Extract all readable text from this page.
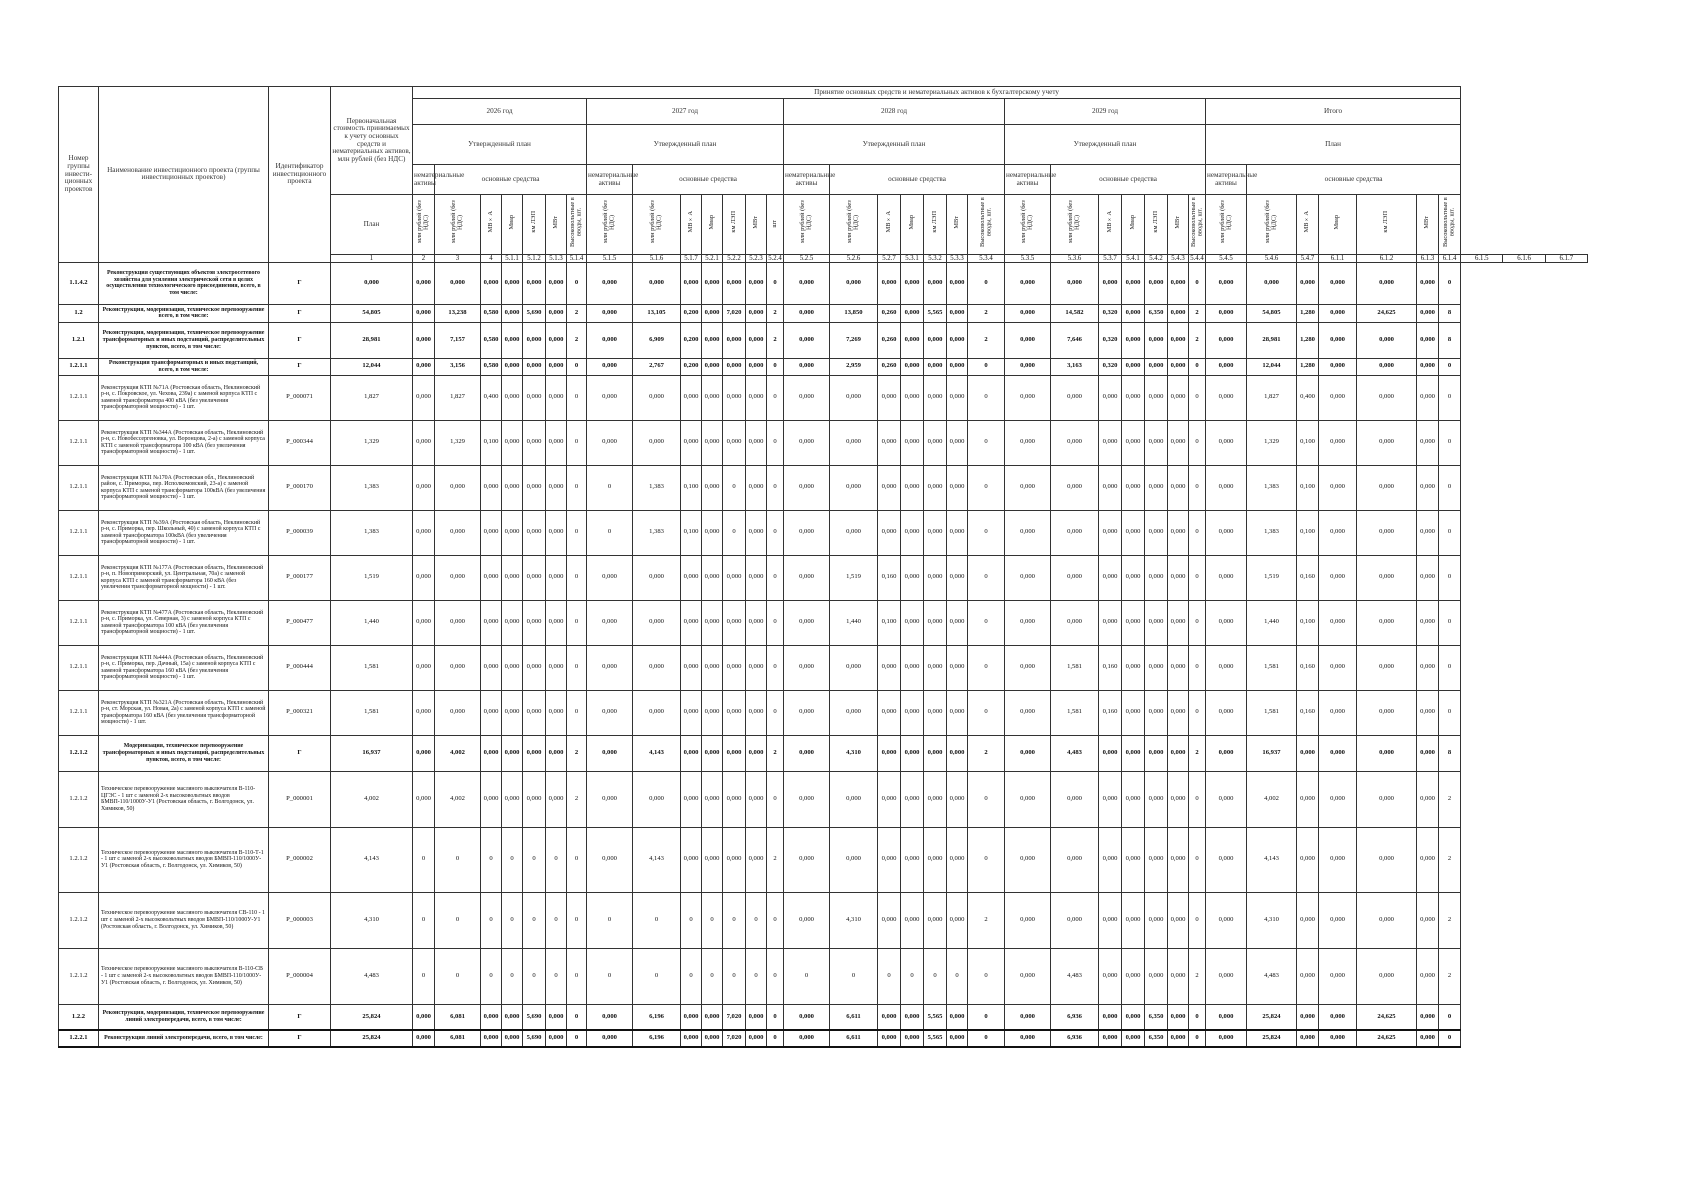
Номер группы инвести-ционных проектов	Наименование инвестиционного проекта (группы инвестиционных проектов)	Идентификатор инвестиционного проекта	Первоначальная стоимость принимаемых к учету основных средств и нематериальных активов, млн рублей (без НДС)	Принятие основных средств и нематериальных активов к бухгалтерскому учету																																					
				2026 год							2027 год							2028 год							2029 год							Итого									
				Утвержденный план							Утвержденный план							Утвержденный план							Утвержденный план							План									
				нематериальные активы	основные средства						нематериальные активы	основные средства						нематериальные активы	основные средства						нематериальные активы	основные средства						нематериальные активы	основные средства								
			План	млн рублей (без НДС)	млн рублей (без НДС)	МВ×А	Мвар	км ЛЭП	МВт	Высоковольтные в вводы, шт.	млн рублей (без НДС)	млн рублей (без НДС)	МВ×А	Мвар	км ЛЭП	МВт	шт	млн рублей (без НДС)	млн рублей (без НДС)	МВ×А	Мвар	км ЛЭП	МВт	Высоковольтные в вводы, шт.	млн рублей (без НДС)	млн рублей (без НДС)	МВ×А	Мвар	км ЛЭП	МВт	Высоковольтные в вводы, шт.	млн рублей (без НДС)	млн рублей (без НДС)	МВ×А	Мвар	км ЛЭП	МВт	Высоковольтные в вводы, шт.			
			1	2	3	4	5.1.1	5.1.2	5.1.3	5.1.4	5.1.5	5.1.6	5.1.7	5.2.1	5.2.2	5.2.3	5.2.4	5.2.5	5.2.6	5.2.7	5.3.1	5.3.2	5.3.3	5.3.4	5.3.5	5.3.6	5.3.7	5.4.1	5.4.2	5.4.3	5.4.4	5.4.5	5.4.6	5.4.7	6.1.1	6.1.2	6.1.3	6.1.4	6.1.5	6.1.6	6.1.7
1.1.4.2	Реконструкция существующих объектов электросетевого хозяйства для усиления электрической сети в целях осуществления технологического присоединения, всего, в том числе:	Г	0,000	0,000	0,000	0,000	0,000	0,000	0,000	0	0,000	0,000	0,000	0,000	0,000	0,000	0	0,000	0,000	0,000	0,000	0,000	0,000	0	0,000	0,000	0,000	0,000	0,000	0,000	0	0,000	0,000	0,000	0,000	0,000	0,000	0			
1.2	Реконструкция, модернизация, техническое перевооружение всего, в том числе:	Г	54,805	0,000	13,238	0,580	0,000	5,690	0,000	2	0,000	13,105	0,200	0,000	7,020	0,000	2	0,000	13,850	0,260	0,000	5,565	0,000	2	0,000	14,582	0,320	0,000	6,350	0,000	2	0,000	54,805	1,280	0,000	24,625	0,000	8			
1.2.1	Реконструкция, модернизация, техническое перевооружение трансформаторных и иных подстанций, распределительных пунктов, всего, в том числе:	Г	28,981	0,000	7,157	0,580	0,000	0,000	0,000	2	0,000	6,909	0,200	0,000	0,000	0,000	2	0,000	7,269	0,260	0,000	0,000	0,000	2	0,000	7,646	0,320	0,000	0,000	0,000	2	0,000	28,981	1,280	0,000	0,000	0,000	8			
1.2.1.1	Реконструкция трансформаторных и иных подстанций, всего, в том числе:	Г	12,044	0,000	3,156	0,580	0,000	0,000	0,000	0	0,000	2,767	0,200	0,000	0,000	0,000	0	0,000	2,959	0,260	0,000	0,000	0,000	0	0,000	3,163	0,320	0,000	0,000	0,000	0	0,000	12,044	1,280	0,000	0,000	0,000	0			
1.2.1.1	Реконструкция КТП №71А (Ростовская область, Неклиновский р-н, с. Покровское, ул. Чехова, 239а) с заменой корпуса КТП с заменой трансформатора 400 кВА (без увеличения трансформаторной мощности) - 1 шт.	P_000071	1,827	0,000	1,827	0,400	0,000	0,000	0,000	0	0,000	0,000	0,000	0,000	0,000	0,000	0	0,000	0,000	0,000	0,000	0,000	0,000	0	0,000	0,000	0,000	0,000	0,000	0,000	0	0,000	1,827	0,400	0,000	0,000	0,000	0			
1.2.1.1	Реконструкция КТП №344А (Ростовская область, Неклиновский р-н, с. Новобессергеновка, ул. Воронцова, 2-а) с заменой корпуса КТП с заменой трансформатора 100 кВА (без увеличения трансформаторной мощности) - 1 шт.	P_000344	1,329	0,000	1,329	0,100	0,000	0,000	0,000	0	0,000	0,000	0,000	0,000	0,000	0,000	0	0,000	0,000	0,000	0,000	0,000	0,000	0	0,000	0,000	0,000	0,000	0,000	0,000	0	0,000	1,329	0,100	0,000	0,000	0,000	0			
1.2.1.1	Реконструкция КТП №170А (Ростовская обл., Неклиновский район, с. Приморка, пер. Исполкомовский, 23-а) с заменой корпуса КТП с заменой трансформатора 100кВА (без увеличения трансформаторной мощности) - 1 шт.	P_000170	1,383	0,000	0,000	0,000	0,000	0,000	0,000	0	0	1,383	0,100	0,000	0	0,000	0	0,000	0,000	0,000	0,000	0,000	0,000	0	0,000	0,000	0,000	0,000	0,000	0,000	0	0,000	1,383	0,100	0,000	0,000	0,000	0			
1.2.1.1	Реконструкция КТП №39А (Ростовская область, Неклиновский р-н, с. Приморка, пер. Школьный, 40) с заменой корпуса КТП с заменой трансформатора 100кВА (без увеличения трансформаторной мощности) - 1 шт.	P_000039	1,383	0,000	0,000	0,000	0,000	0,000	0,000	0	0	1,383	0,100	0,000	0	0,000	0	0,000	0,000	0,000	0,000	0,000	0,000	0	0,000	0,000	0,000	0,000	0,000	0,000	0	0,000	1,383	0,100	0,000	0,000	0,000	0			
1.2.1.1	Реконструкция КТП №177А (Ростовская область, Неклиновский р-н, п. Новоприморский, ул. Центральная, 70а) с заменой корпуса КТП с заменой трансформатора 160 кВА (без увеличения трансформаторной мощности) - 1 шт.	P_000177	1,519	0,000	0,000	0,000	0,000	0,000	0,000	0	0,000	0,000	0,000	0,000	0,000	0,000	0	0,000	1,519	0,160	0,000	0,000	0,000	0	0,000	0,000	0,000	0,000	0,000	0,000	0	0,000	1,519	0,160	0,000	0,000	0,000	0			
1.2.1.1	Реконструкция КТП №477А (Ростовская область, Неклиновский р-н, с. Приморка, ул. Северная, 3) с заменой корпуса КТП с заменой трансформатора 100 кВА (без увеличения трансформаторной мощности) - 1 шт.	P_000477	1,440	0,000	0,000	0,000	0,000	0,000	0,000	0	0,000	0,000	0,000	0,000	0,000	0,000	0	0,000	1,440	0,100	0,000	0,000	0,000	0	0,000	0,000	0,000	0,000	0,000	0,000	0	0,000	1,440	0,100	0,000	0,000	0,000	0			
1.2.1.1	Реконструкция КТП №444А (Ростовская область, Неклиновский р-н, с. Приморка, пер. Дачный, 15а) с заменой корпуса КТП с заменой трансформатора 160 кВА (без увеличения трансформаторной мощности) - 1 шт.	P_000444	1,581	0,000	0,000	0,000	0,000	0,000	0,000	0	0,000	0,000	0,000	0,000	0,000	0,000	0	0,000	0,000	0,000	0,000	0,000	0,000	0	0,000	1,581	0,160	0,000	0,000	0,000	0	0,000	1,581	0,160	0,000	0,000	0,000	0			
1.2.1.1	Реконструкция КТП №321А (Ростовская область, Неклиновский р-н, ст. Морская, ул. Новая, 2а) с заменой корпуса КТП с заменой трансформатора 160 кВА (без увеличения трансформаторной мощности) - 1 шт.	P_000321	1,581	0,000	0,000	0,000	0,000	0,000	0,000	0	0,000	0,000	0,000	0,000	0,000	0,000	0	0,000	0,000	0,000	0,000	0,000	0,000	0	0,000	1,581	0,160	0,000	0,000	0,000	0	0,000	1,581	0,160	0,000	0,000	0,000	0			
1.2.1.2	Модернизация, техническое перевооружение трансформаторных и иных подстанций, распределительных пунктов, всего, в том числе:	Г	16,937	0,000	4,002	0,000	0,000	0,000	0,000	2	0,000	4,143	0,000	0,000	0,000	0,000	2	0,000	4,310	0,000	0,000	0,000	0,000	2	0,000	4,483	0,000	0,000	0,000	0,000	2	0,000	16,937	0,000	0,000	0,000	0,000	8			
1.2.1.2	Техническое перевооружение масляного выключателя В-110-ЦГЭС - 1 шт с заменой 2-х высоковольтных вводов БМВП-110/1000У-У1 (Ростовская область, г. Волгодонск, ул. Химиков, 50)	P_000001	4,002	0,000	4,002	0,000	0,000	0,000	0,000	2	0,000	0,000	0,000	0,000	0,000	0,000	0	0,000	0,000	0,000	0,000	0,000	0,000	0	0,000	0,000	0,000	0,000	0,000	0,000	0	0,000	4,002	0,000	0,000	0,000	0,000	2			
1.2.1.2	Техническое перевооружение масляного выключателя В-110-Т-1 - 1 шт с заменой 2-х высоковольтных вводов БМВП-110/1000У-У1 (Ростовская область, г. Волгодонск, ул. Химиков, 50)	P_000002	4,143	0	0	0	0	0	0	0	0,000	4,143	0,000	0,000	0,000	0,000	2	0,000	0,000	0,000	0,000	0,000	0,000	0	0,000	0,000	0,000	0,000	0,000	0,000	0	0,000	4,143	0,000	0,000	0,000	0,000	2			
1.2.1.2	Техническое перевооружение масляного выключателя СВ-110 - 1 шт с заменой 2-х высоковольтных вводов БМВП-110/1000У-У1 (Ростовская область, г. Волгодонск, ул. Химиков, 50)	P_000003	4,310	0	0	0	0	0	0	0	0	0	0	0	0	0	0	0,000	4,310	0,000	0,000	0,000	0,000	2	0,000	0,000	0,000	0,000	0,000	0,000	0	0,000	4,310	0,000	0,000	0,000	0,000	2			
1.2.1.2	Техническое перевооружение масляного выключателя В-110-СВ - 1 шт с заменой 2-х высоковольтных вводов БМВП-110/1000У-У1 (Ростовская область, г. Волгодонск, ул. Химиков, 50)	P_000004	4,483	0	0	0	0	0	0	0	0	0	0	0	0	0	0	0	0	0	0	0	0	0	0,000	4,483	0,000	0,000	0,000	0,000	2	0,000	4,483	0,000	0,000	0,000	0,000	2			
1.2.2	Реконструкция, модернизация, техническое перевооружение линий электропередачи, всего, в том числе:	Г	25,824	0,000	6,081	0,000	0,000	5,690	0,000	0	0,000	6,196	0,000	0,000	7,020	0,000	0	0,000	6,611	0,000	0,000	5,565	0,000	0	0,000	6,936	0,000	0,000	6,350	0,000	0	0,000	25,824	0,000	0,000	24,625	0,000	0			
1.2.2.1	Реконструкция линий электропередачи, всего, в том числе:	Г	25,824	0,000	6,081	0,000	0,000	5,690	0,000	0	0,000	6,196	0,000	0,000	7,020	0,000	0	0,000	6,611	0,000	0,000	5,565	0,000	0	0,000	6,936	0,000	0,000	6,350	0,000	0	0,000	25,824	0,000	0,000	24,625	0,000	0			
